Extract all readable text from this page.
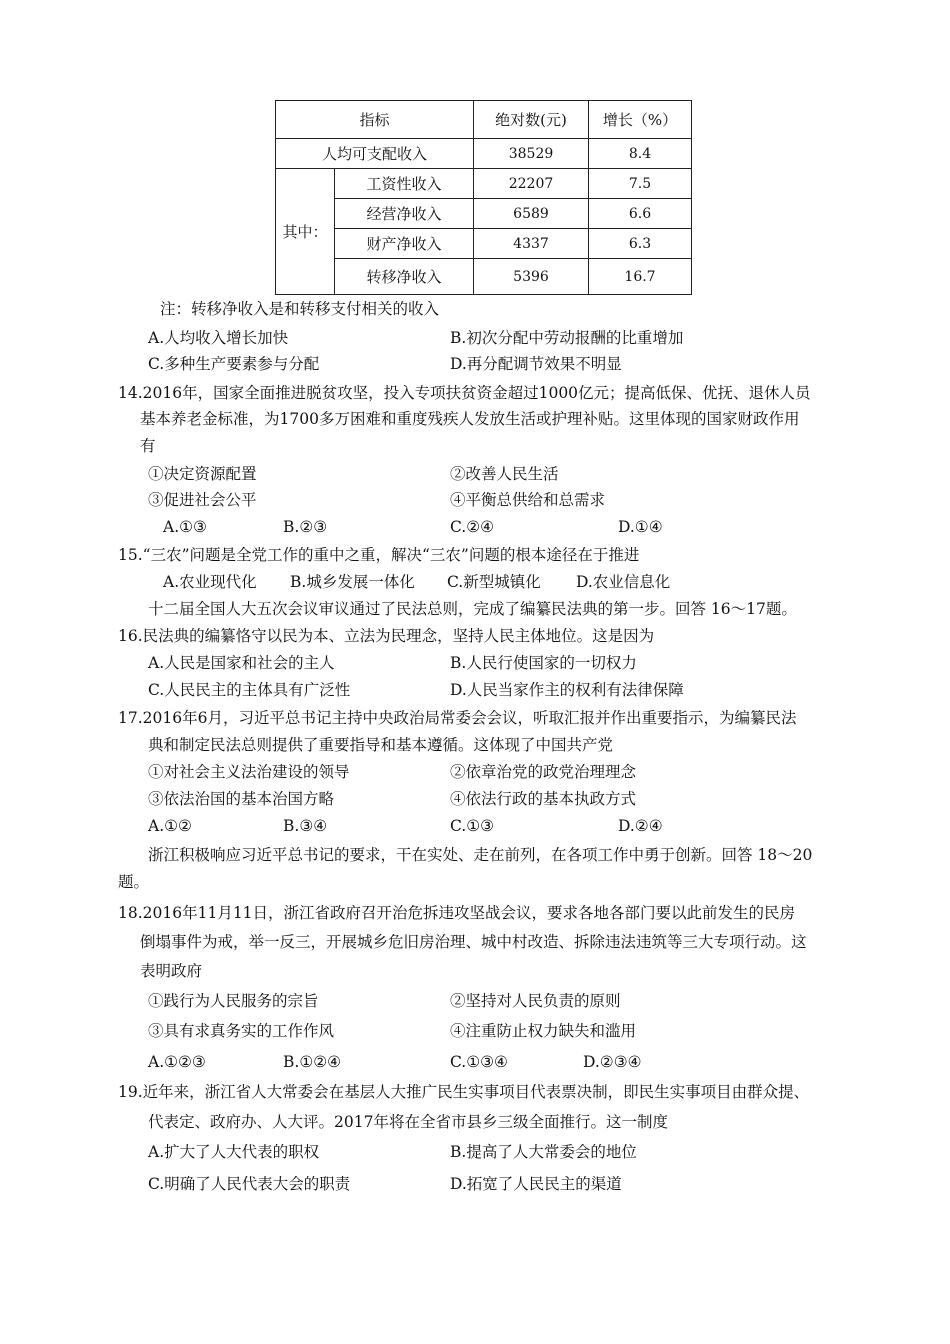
指标		绝对数(元)	增长（%）
人均可支配收入		38529	8.4
其中：	工资性收入	22207	7.5
	经营净收入	6589	6.6
	财产净收入	4337	6.3
	转移净收入	5396	16.7
注：转移净收入是和转移支付相关的收入
A.人均收入增长加快	B.初次分配中劳动报酬的比重增加
C.多种生产要素参与分配	D.再分配调节效果不明显
14.2016年，国家全面推进脱贫攻坚，投入专项扶贫资金超过1000亿元；提高低保、优抚、退休人员
基本养老金标准，为1700多万困难和重度残疾人发放生活或护理补贴。这里体现的国家财政作用
有
①决定资源配置	②改善人民生活
③促进社会公平	④平衡总供给和总需求
A.①③	B.②③	C.②④	D.①④
15.“三农”问题是全党工作的重中之重，解决“三农”问题的根本途径在于推进
A.农业现代化 B.城乡发展一体化 C.新型城镇化 D.农业信息化
十二届全国人大五次会议审议通过了民法总则，完成了编纂民法典的第一步。回答 16～17题。
16.民法典的编纂恪守以民为本、立法为民理念，坚持人民主体地位。这是因为
A.人民是国家和社会的主人	B.人民行使国家的一切权力
C.人民民主的主体具有广泛性	D.人民当家作主的权利有法律保障
17.2016年6月，习近平总书记主持中央政治局常委会会议，听取汇报并作出重要指示，为编纂民法
典和制定民法总则提供了重要指导和基本遵循。这体现了中国共产党
①对社会主义法治建设的领导	②依章治党的政党治理理念
③依法治国的基本治国方略	④依法行政的基本执政方式
A.①②	B.③④	C.①③	D.②④
浙江积极响应习近平总书记的要求，干在实处、走在前列，在各项工作中勇于创新。回答 18～20
题。
18.2016年11月11日，浙江省政府召开治危拆违攻坚战会议，要求各地各部门要以此前发生的民房
倒塌事件为戒，举一反三，开展城乡危旧房治理、城中村改造、拆除违法违筑等三大专项行动。这
表明政府
①践行为人民服务的宗旨	②坚持对人民负责的原则
③具有求真务实的工作作风	④注重防止权力缺失和滥用
A.①②③	B.①②④	C.①③④	D.②③④
19.近年来，浙江省人大常委会在基层人大推广民生实事项目代表票决制，即民生实事项目由群众提、
代表定、政府办、人大评。2017年将在全省市县乡三级全面推行。这一制度
A.扩大了人大代表的职权	B.提高了人大常委会的地位
C.明确了人民代表大会的职责	D.拓宽了人民民主的渠道
